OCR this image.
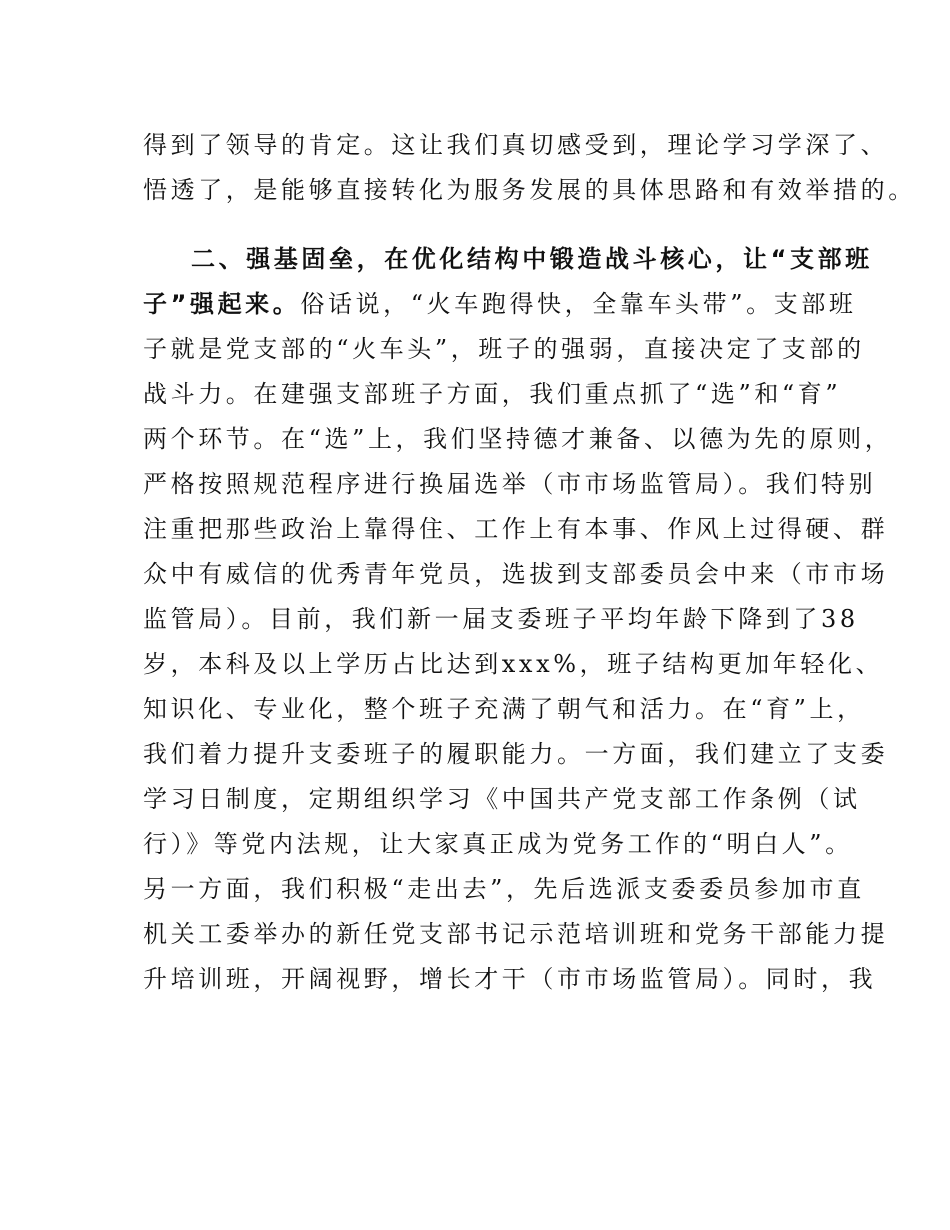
得到了领导的肯定。这让我们真切感受到，理论学习学深了、
悟透了，是能够直接转化为服务发展的具体思路和有效举措的。
二、强基固垒，在优化结构中锻造战斗核心，让“支部班
子”强起来。俗话说，“火车跑得快，全靠车头带”。支部班
子就是党支部的“火车头”，班子的强弱，直接决定了支部的
战斗力。在建强支部班子方面，我们重点抓了“选”和“育”
两个环节。在“选”上，我们坚持德才兼备、以德为先的原则，
严格按照规范程序进行换届选举（市市场监管局）。我们特别
注重把那些政治上靠得住、工作上有本事、作风上过得硬、群
众中有威信的优秀青年党员，选拔到支部委员会中来（市市场
监管局）。目前，我们新一届支委班子平均年龄下降到了38
岁，本科及以上学历占比达到xxx%，班子结构更加年轻化、
知识化、专业化，整个班子充满了朝气和活力。在“育”上，
我们着力提升支委班子的履职能力。一方面，我们建立了支委
学习日制度，定期组织学习《中国共产党支部工作条例（试
行）》等党内法规，让大家真正成为党务工作的“明白人”。
另一方面，我们积极“走出去”，先后选派支委委员参加市直
机关工委举办的新任党支部书记示范培训班和党务干部能力提
升培训班，开阔视野，增长才干（市市场监管局）。同时，我
